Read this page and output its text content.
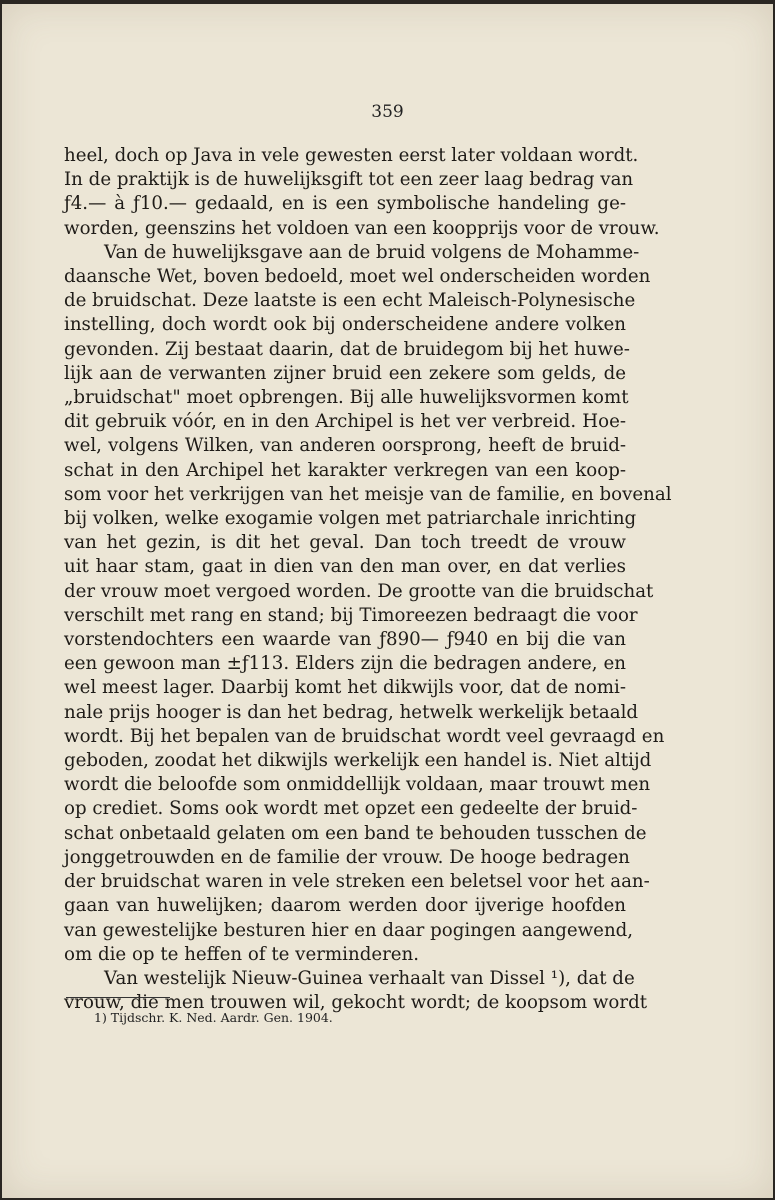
359
heel, doch op Java in vele gewesten eerst later voldaan wordt.
In de praktijk is de huwelijksgift tot een zeer laag bedrag van
ƒ4.— à ƒ10.— gedaald, en is een symbolische handeling ge-
worden, geenszins het voldoen van een koopprijs voor de vrouw.
Van de huwelijksgave aan de bruid volgens de Mohamme-
daansche Wet, boven bedoeld, moet wel onderscheiden worden
de bruidschat. Deze laatste is een echt Maleisch-Polynesische
instelling, doch wordt ook bij onderscheidene andere volken
gevonden. Zij bestaat daarin, dat de bruidegom bij het huwe-
lijk aan de verwanten zijner bruid een zekere som gelds, de
„bruidschat" moet opbrengen. Bij alle huwelijksvormen komt
dit gebruik vóór, en in den Archipel is het ver verbreid. Hoe-
wel, volgens Wilken, van anderen oorsprong, heeft de bruid-
schat in den Archipel het karakter verkregen van een koop-
som voor het verkrijgen van het meisje van de familie, en bovenal
bij volken, welke exogamie volgen met patriarchale inrichting
van het gezin, is dit het geval. Dan toch treedt de vrouw
uit haar stam, gaat in dien van den man over, en dat verlies
der vrouw moet vergoed worden. De grootte van die bruidschat
verschilt met rang en stand; bij Timoreezen bedraagt die voor
vorstendochters een waarde van ƒ890— ƒ940 en bij die van
een gewoon man ±ƒ113. Elders zijn die bedragen andere, en
wel meest lager. Daarbij komt het dikwijls voor, dat de nomi-
nale prijs hooger is dan het bedrag, hetwelk werkelijk betaald
wordt. Bij het bepalen van de bruidschat wordt veel gevraagd en
geboden, zoodat het dikwijls werkelijk een handel is. Niet altijd
wordt die beloofde som onmiddellijk voldaan, maar trouwt men
op crediet. Soms ook wordt met opzet een gedeelte der bruid-
schat onbetaald gelaten om een band te behouden tusschen de
jonggetrouwden en de familie der vrouw. De hooge bedragen
der bruidschat waren in vele streken een beletsel voor het aan-
gaan van huwelijken; daarom werden door ijverige hoofden
van gewestelijke besturen hier en daar pogingen aangewend,
om die op te heffen of te verminderen.
Van westelijk Nieuw-Guinea verhaalt van Dissel ¹), dat de
vrouw, die men trouwen wil, gekocht wordt; de koopsom wordt
1) Tijdschr. K. Ned. Aardr. Gen. 1904.
